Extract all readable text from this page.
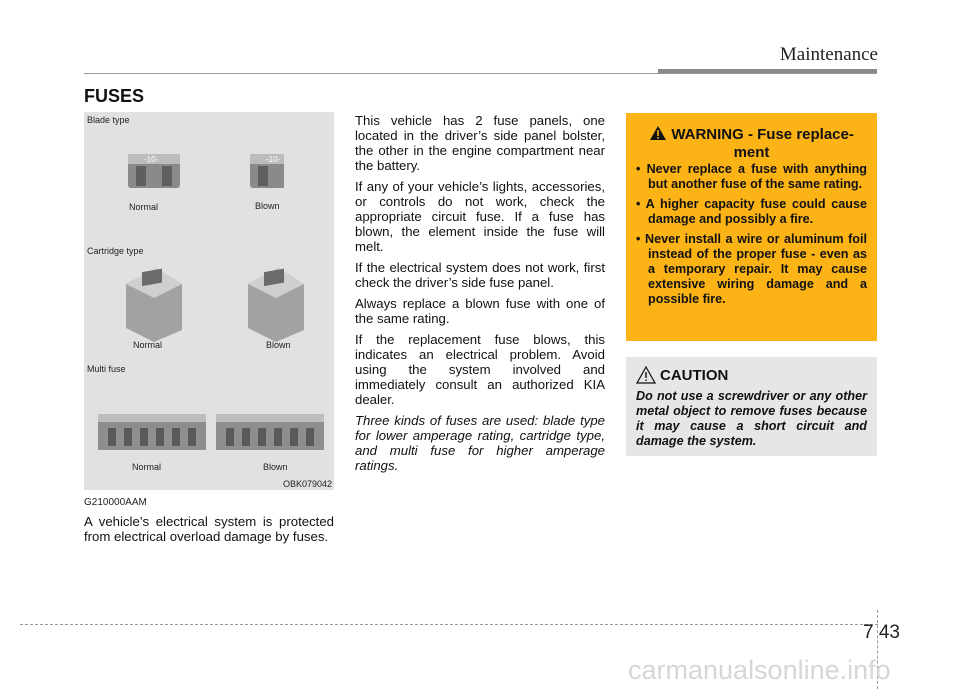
Maintenance
FUSES
Blade type
-10-	-10-
Normal	Blown
Cartridge type
Normal	Blown
Multi fuse
Normal	Blown
OBK079042
G210000AAM

A vehicle’s electrical system is protected from electrical overload damage by fuses.

This vehicle has 2 fuse panels, one located in the driver’s side panel bolster, the other in the engine compartment near the battery.

If any of your vehicle’s lights, accessories, or controls do not work, check the appropriate circuit fuse. If a fuse has blown, the element inside the fuse will melt.

If the electrical system does not work, first check the driver’s side fuse panel.

Always replace a blown fuse with one of the same rating.

If the replacement fuse blows, this indicates an electrical problem. Avoid using the system involved and immediately consult an authorized KIA dealer.

Three kinds of fuses are used: blade type for lower amperage rating, cartridge type, and multi fuse for higher amperage ratings.

WARNING - Fuse replace-
ment
• Never replace a fuse with anything but another fuse of the same rating.
• A higher capacity fuse could cause damage and possibly a fire.
• Never install a wire or aluminum foil instead of the proper fuse - even as a temporary repair. It may cause extensive wiring damage and a possible fire.
CAUTION
Do not use a screwdriver or any other metal object to remove fuses because it may cause a short circuit and damage the system.
7 43
carmanualsonline.info
